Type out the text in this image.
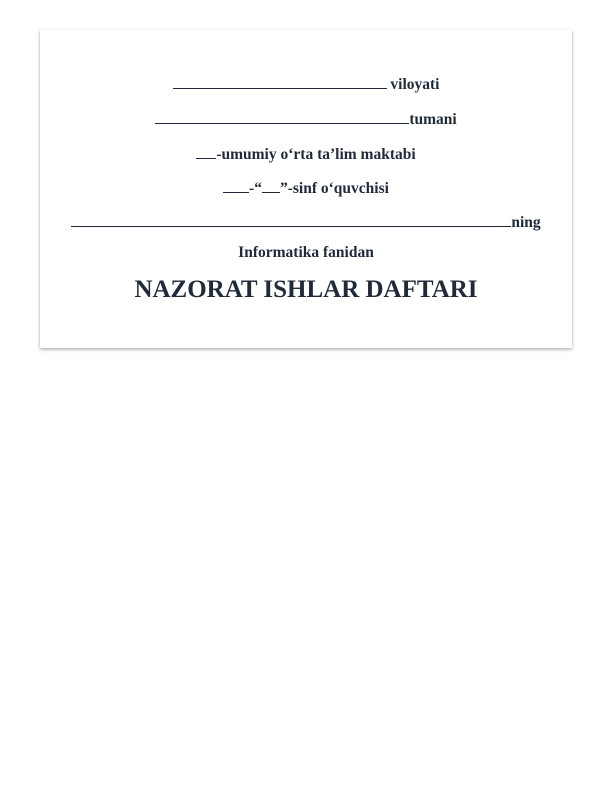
viloyati
tumani
-umumiy o‘rta ta’lim maktabi
-“ ”-sinf o‘quvchisi
ning
Informatika fanidan
NAZORAT ISHLAR DAFTARI
